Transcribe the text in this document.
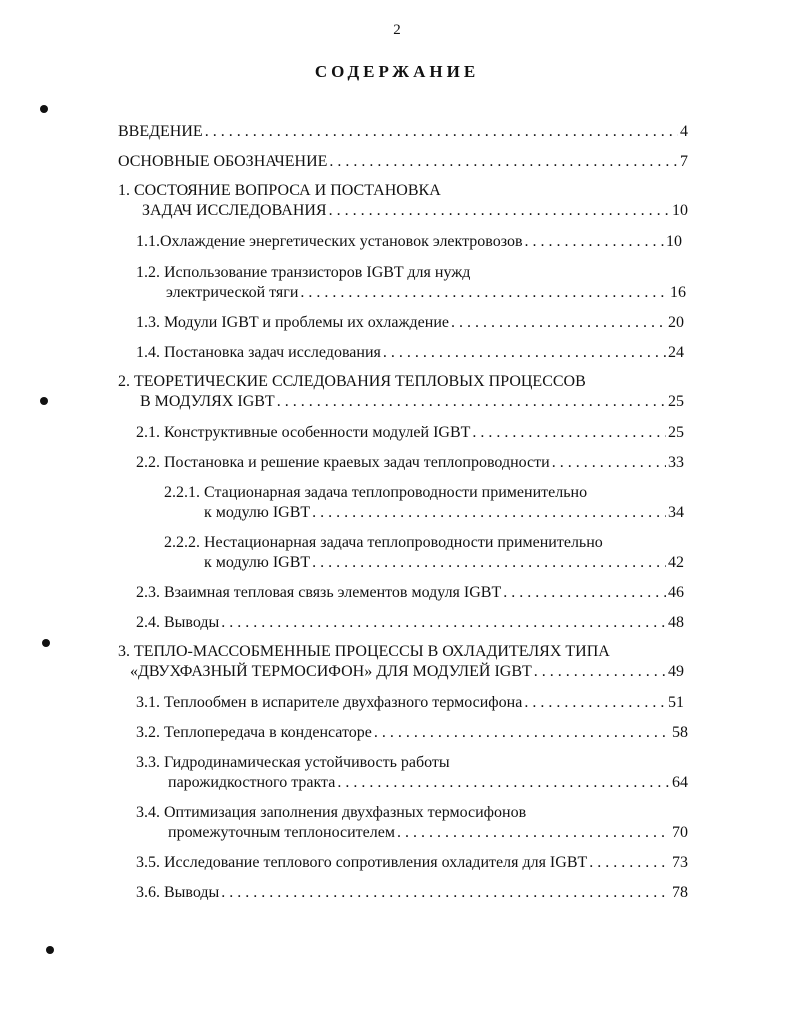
2
СОДЕРЖАНИЕ
ВВЕДЕНИЕ . . .	4
ОСНОВНЫЕ ОБОЗНАЧЕНИЕ . . .	7
1. СОСТОЯНИЕ ВОПРОСА И ПОСТАНОВКА
ЗАДАЧ ИССЛЕДОВАНИЯ . . .	10
1.1.Охлаждение энергетических установок электровозов . . .	10
1.2. Использование транзисторов IGBT для нужд
электрической тяги . . .	16
1.3. Модули IGBT и проблемы их охлаждение . . .	20
1.4. Постановка задач исследования . . .	24
2. ТЕОРЕТИЧЕСКИЕ ССЛЕДОВАНИЯ ТЕПЛОВЫХ ПРОЦЕССОВ
В МОДУЛЯХ IGBT . . .	25
2.1. Конструктивные особенности модулей IGBT . . .	25
2.2. Постановка и решение краевых задач теплопроводности . . .	33
2.2.1. Стационарная задача теплопроводности применительно
к модулю IGBT . . .	34
2.2.2. Нестационарная задача теплопроводности применительно
к модулю IGBT . . .	42
2.3. Взаимная тепловая связь элементов модуля IGBT . . .	46
2.4. Выводы . . .	48
3. ТЕПЛО-МАССОБМЕННЫЕ ПРОЦЕССЫ В ОХЛАДИТЕЛЯХ ТИПА
«ДВУХФАЗНЫЙ ТЕРМОСИФОН» ДЛЯ МОДУЛЕЙ IGBT . . .	49
3.1. Теплообмен в испарителе двухфазного термосифона . . .	51
3.2. Теплопередача в конденсаторе . . .	58
3.3. Гидродинамическая устойчивость работы
парожидкостного тракта . . .	64
3.4. Оптимизация заполнения двухфазных термосифонов
промежуточным теплоносителем . . .	70
3.5. Исследование теплового сопротивления охладителя для IGBT . . .	73
3.6. Выводы . . .	78
